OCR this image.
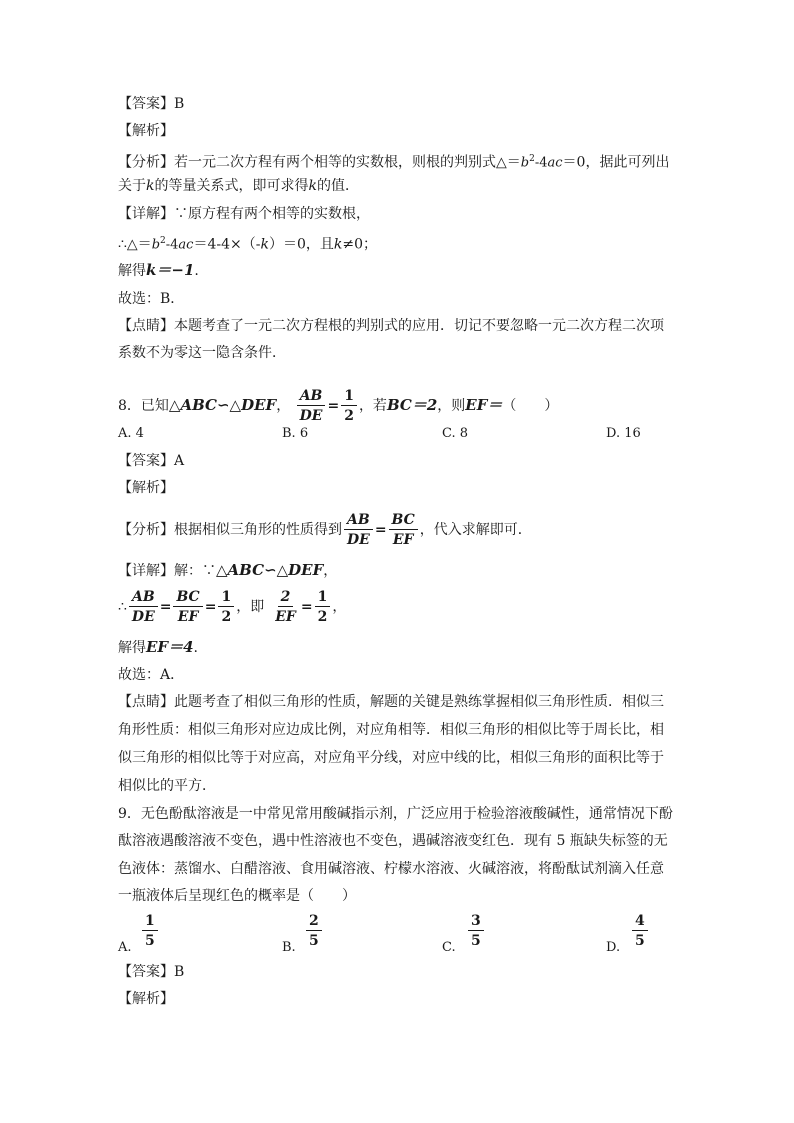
【答案】B
【解析】
【分析】若一元二次方程有两个相等的实数根，则根的判别式$\triangle=b^2-4ac=0$，据此可列出
关于k的等量关系式，即可求得k的值．
【详解】∵原方程有两个相等的实数根，
$\therefore\triangle=b^2-4ac=4-4\times(-k)=0$，且k≠0；
解得k＝−1.
故选：B．
【点睛】本题考查了一元二次方程根的判别式的应用．切记不要忽略一元二次方程二次项
系数不为零这一隐含条件．
8．已知△ABC∽△DEF， $\frac{AB}{DE} = \frac{1}{2}$ ，若BC＝2，则EF＝（　　）
A. 4	B. 6	C. 8	D. 16
【答案】A
【解析】
【分析】根据相似三角形的性质得到 $\frac{AB}{DE} = \frac{BC}{EF}$ ，代入求解即可．
【详解】解：∵△ABC∽△DEF，
∴ $\frac{AB}{DE} = \frac{BC}{EF} = \frac{1}{2}$ ，即 $\frac{2}{EF} = \frac{1}{2}$ ，
解得EF＝4.
故选：A．
【点睛】此题考查了相似三角形的性质，解题的关键是熟练掌握相似三角形性质．相似三
角形性质：相似三角形对应边成比例，对应角相等．相似三角形的相似比等于周长比，相
似三角形的相似比等于对应高，对应角平分线，对应中线的比，相似三角形的面积比等于
相似比的平方．
9．无色酚酞溶液是一中常见常用酸碱指示剂，广泛应用于检验溶液酸碱性，通常情况下酚
酞溶液遇酸溶液不变色，遇中性溶液也不变色，遇碱溶液变红色．现有 5 瓶缺失标签的无
色液体：蒸馏水、白醋溶液、食用碱溶液、柠檬水溶液、火碱溶液，将酚酞试剂滴入任意
一瓶液体后呈现红色的概率是（　　）
$\frac{1}{5}$
A.	$\frac{2}{5}$
B.	$\frac{3}{5}$
C.	$\frac{4}{5}$
D.
【答案】B
【解析】
